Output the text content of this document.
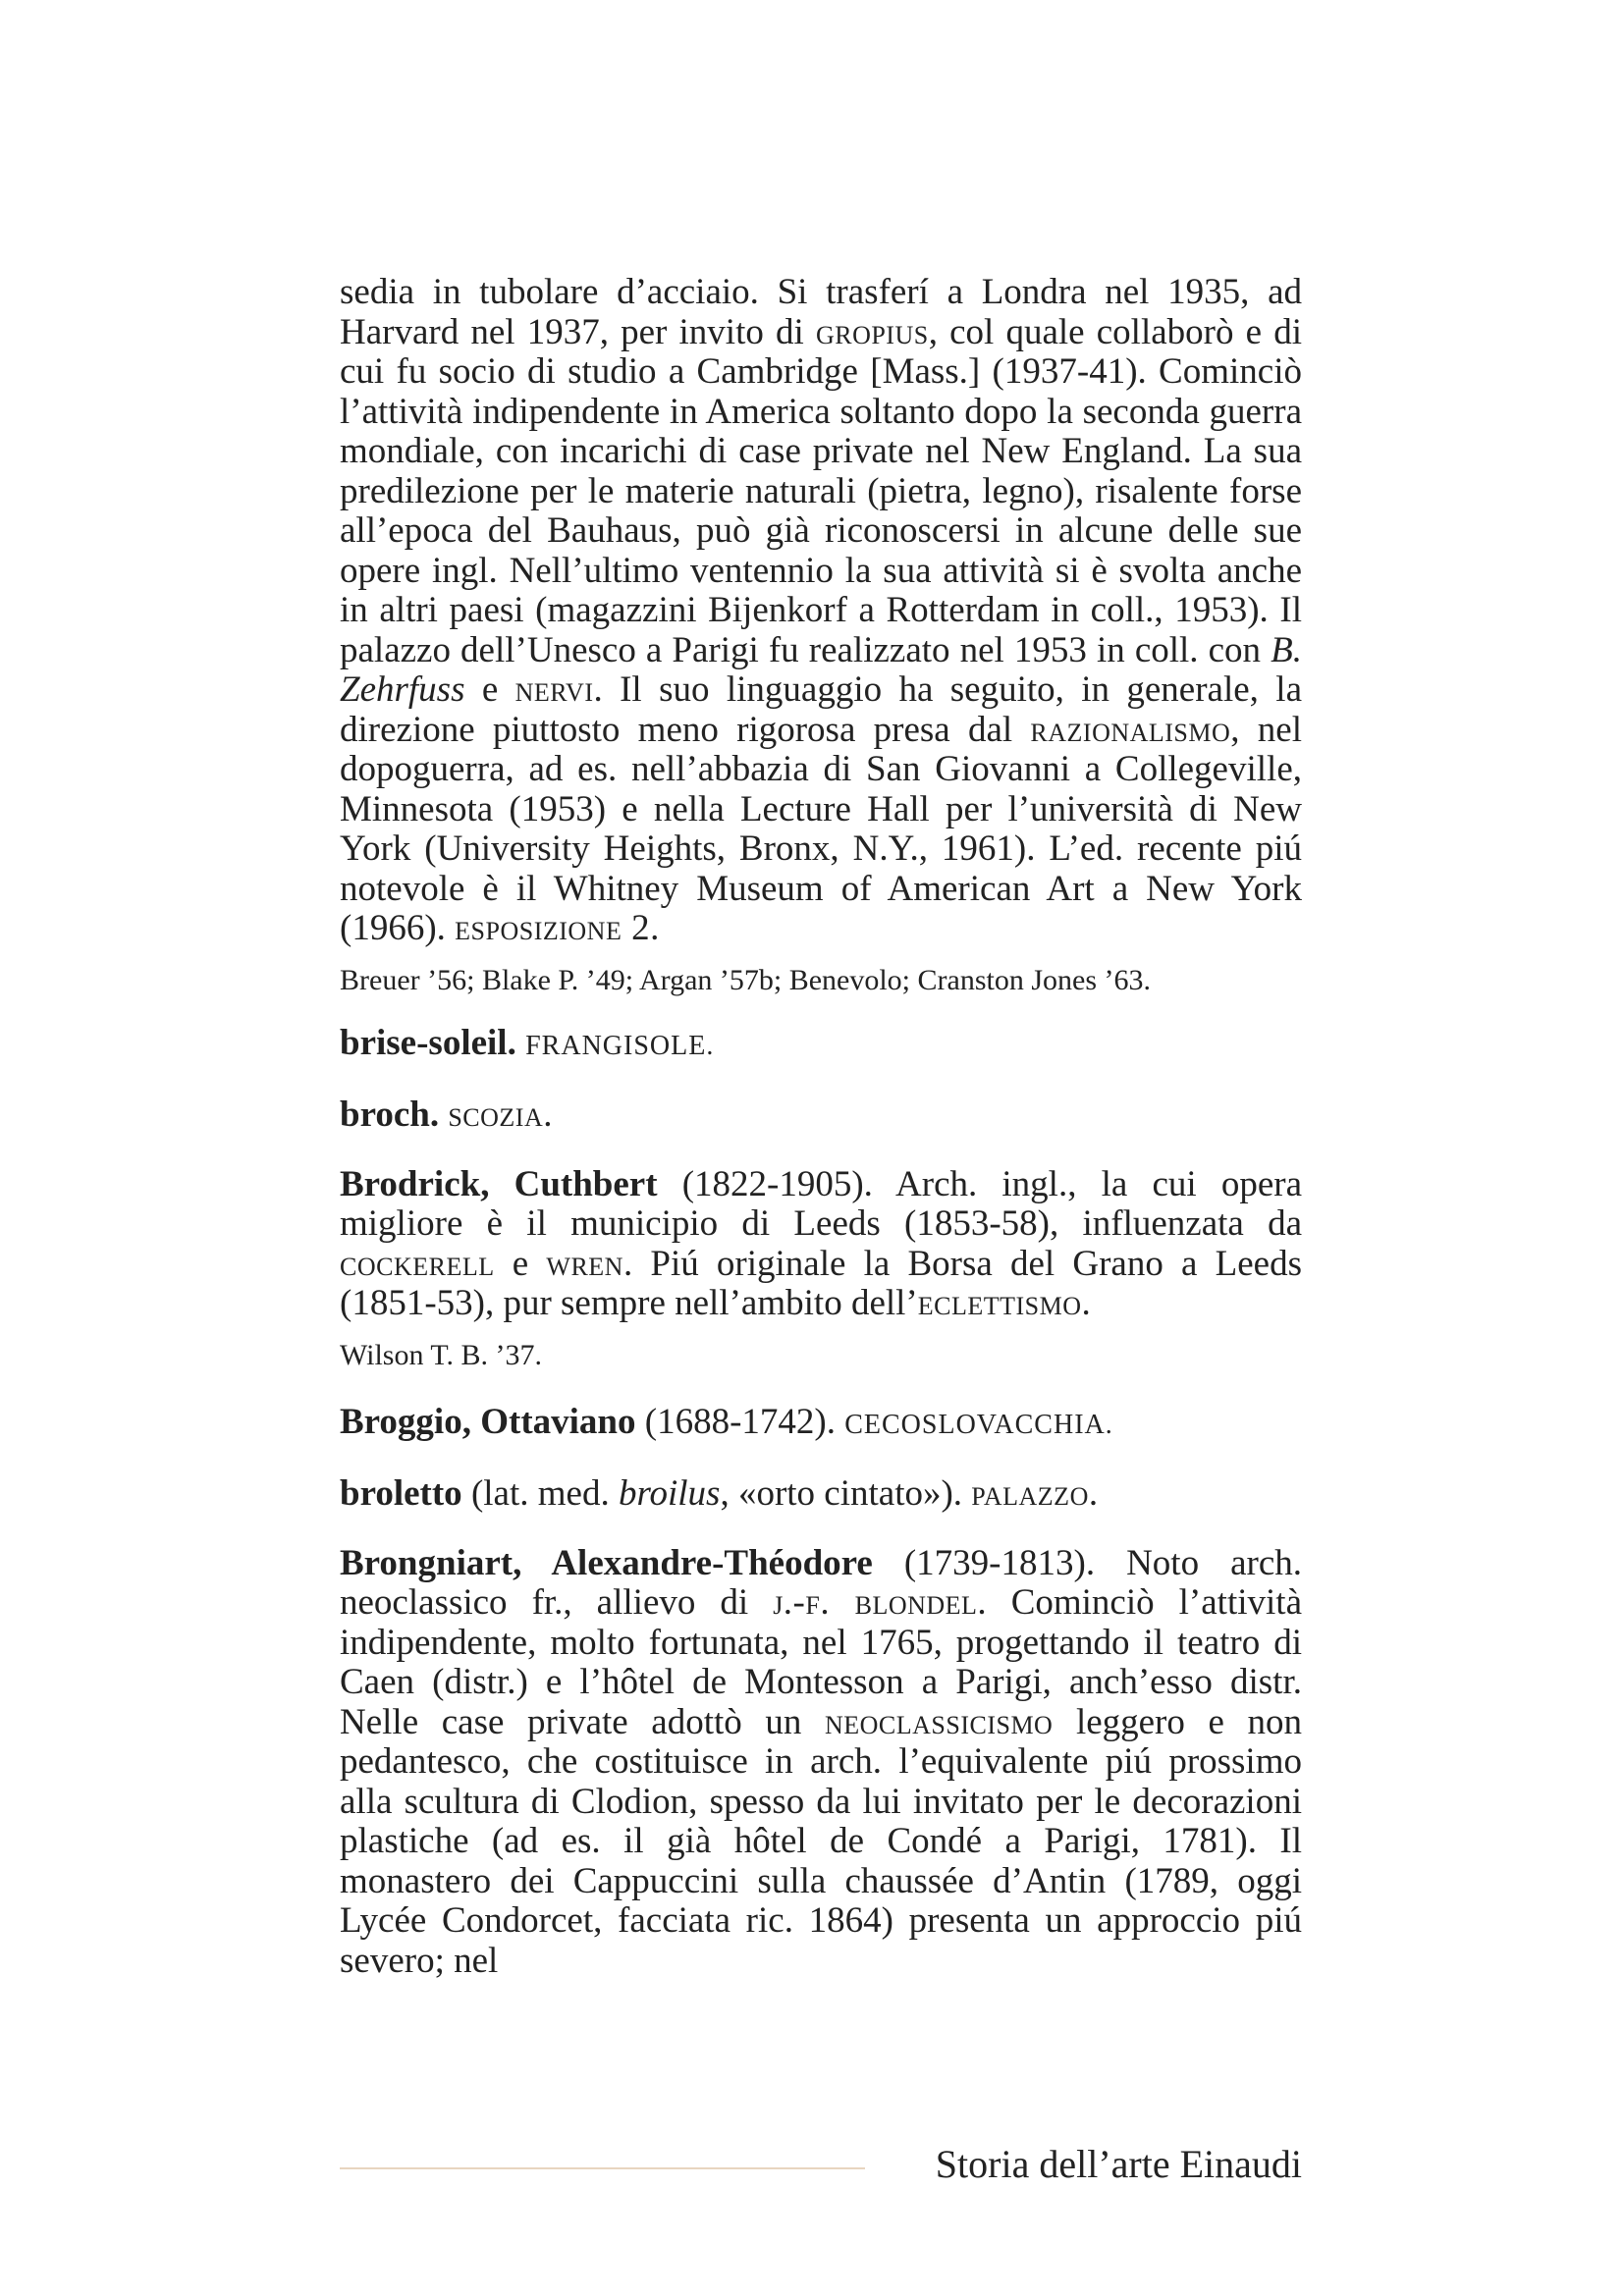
sedia in tubolare d’acciaio. Si trasferí a Londra nel 1935, ad Harvard nel 1937, per invito di gropius, col quale collaborò e di cui fu socio di studio a Cambridge [Mass.] (1937-41). Cominciò l’attività indipendente in America soltanto dopo la seconda guerra mondiale, con incarichi di case private nel New England. La sua predilezione per le materie naturali (pietra, legno), risalente forse all’epoca del Bauhaus, può già riconoscersi in alcune delle sue opere ingl. Nell’ultimo ventennio la sua attività si è svolta anche in altri paesi (magazzini Bijenkorf a Rotterdam in coll., 1953). Il palazzo dell’Unesco a Parigi fu realizzato nel 1953 in coll. con B. Zehrfuss e nervi. Il suo linguaggio ha seguito, in generale, la direzione piuttosto meno rigorosa presa dal razionalismo, nel dopoguerra, ad es. nell’abbazia di San Giovanni a Collegeville, Minnesota (1953) e nella Lecture Hall per l’università di New York (University Heights, Bronx, N.Y., 1961). L’ed. recente piú notevole è il Whitney Museum of American Art a New York (1966). esposizione 2.

Breuer ’56; Blake P. ’49; Argan ’57b; Benevolo; Cranston Jones ’63.

brise-soleil. FRANGISOLE.

broch. scozia.

Brodrick, Cuthbert (1822-1905). Arch. ingl., la cui opera migliore è il municipio di Leeds (1853-58), influenzata da cockerell e wren. Piú originale la Borsa del Grano a Leeds (1851-53), pur sempre nell’ambito dell’eclettismo.

Wilson T. B. ’37.

Broggio, Ottaviano (1688-1742). CECOSLOVACCHIA.

broletto (lat. med. broilus, «orto cintato»). palazzo.

Brongniart, Alexandre-Théodore (1739-1813). Noto arch. neoclassico fr., allievo di j.-f. blondel. Cominciò l’attività indipendente, molto fortunata, nel 1765, progettando il teatro di Caen (distr.) e l’hôtel de Montesson a Parigi, anch’esso distr. Nelle case private adottò un neoclassicismo leggero e non pedantesco, che costituisce in arch. l’equivalente piú prossimo alla scultura di Clodion, spesso da lui invitato per le decorazioni plastiche (ad es. il già hôtel de Condé a Parigi, 1781). Il monastero dei Cappuccini sulla chaussée d’Antin (1789, oggi Lycée Condorcet, facciata ric. 1864) presenta un approccio piú severo; nel

Storia dell’arte Einaudi
